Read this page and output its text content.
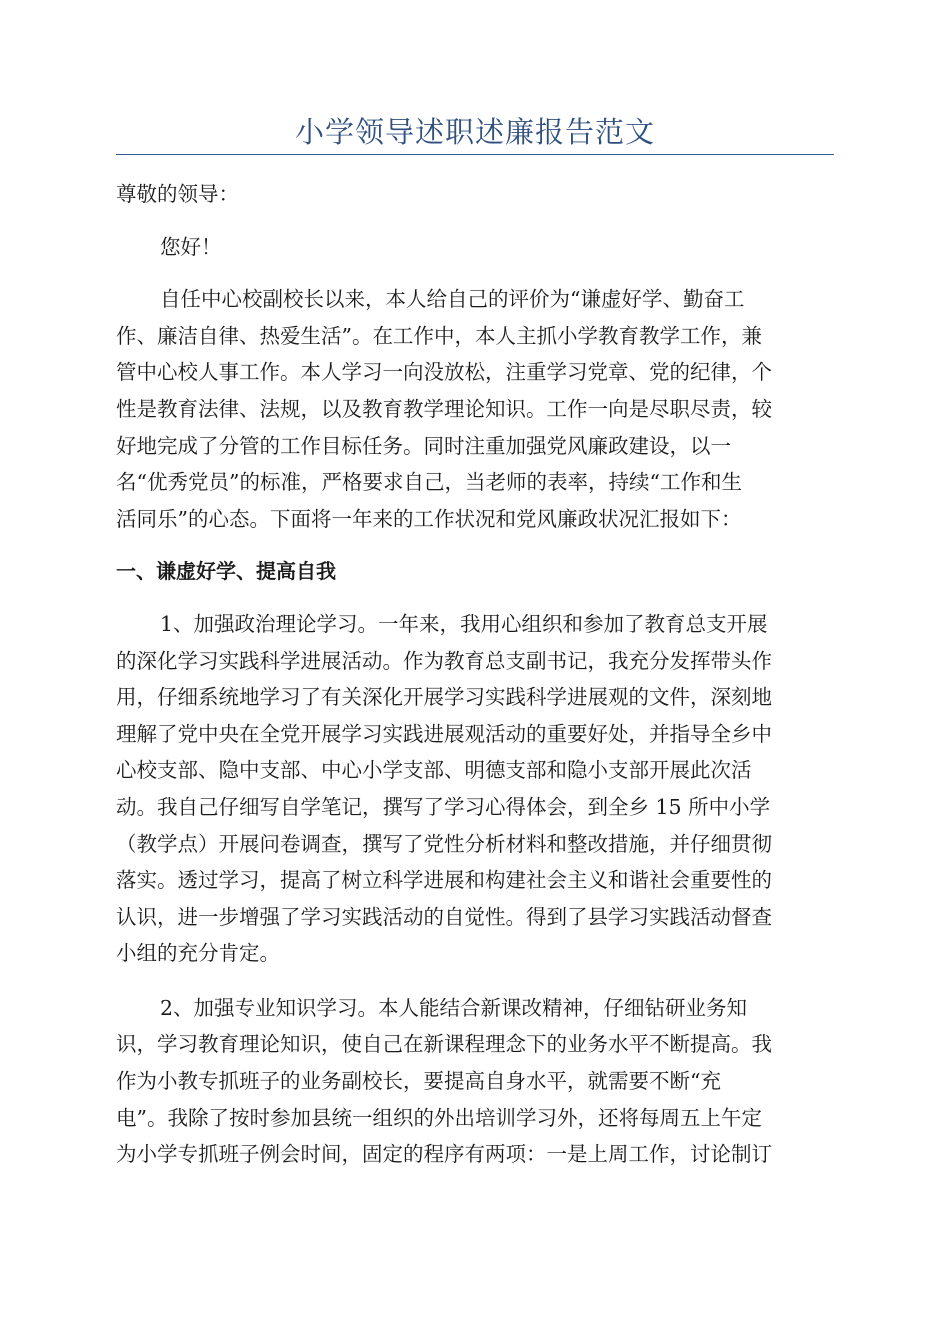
小学领导述职述廉报告范文
尊敬的领导：
您好！
自任中心校副校长以来，本人给自己的评价为“谦虚好学、勤奋工
作、廉洁自律、热爱生活”。在工作中，本人主抓小学教育教学工作，兼
管中心校人事工作。本人学习一向没放松，注重学习党章、党的纪律，个
性是教育法律、法规，以及教育教学理论知识。工作一向是尽职尽责，较
好地完成了分管的工作目标任务。同时注重加强党风廉政建设，以一
名“优秀党员”的标准，严格要求自己，当老师的表率，持续“工作和生
活同乐”的心态。下面将一年来的工作状况和党风廉政状况汇报如下：
一、谦虚好学、提高自我
1、加强政治理论学习。一年来，我用心组织和参加了教育总支开展
的深化学习实践科学进展活动。作为教育总支副书记，我充分发挥带头作
用，仔细系统地学习了有关深化开展学习实践科学进展观的文件，深刻地
理解了党中央在全党开展学习实践进展观活动的重要好处，并指导全乡中
心校支部、隐中支部、中心小学支部、明德支部和隐小支部开展此次活
动。我自己仔细写自学笔记，撰写了学习心得体会，到全乡 15 所中小学
（教学点）开展问卷调查，撰写了党性分析材料和整改措施，并仔细贯彻
落实。透过学习，提高了树立科学进展和构建社会主义和谐社会重要性的
认识，进一步增强了学习实践活动的自觉性。得到了县学习实践活动督查
小组的充分肯定。
2、加强专业知识学习。本人能结合新课改精神，仔细钻研业务知
识，学习教育理论知识，使自己在新课程理念下的业务水平不断提高。我
作为小教专抓班子的业务副校长，要提高自身水平，就需要不断“充
电”。我除了按时参加县统一组织的外出培训学习外，还将每周五上午定
为小学专抓班子例会时间，固定的程序有两项：一是上周工作，讨论制订
